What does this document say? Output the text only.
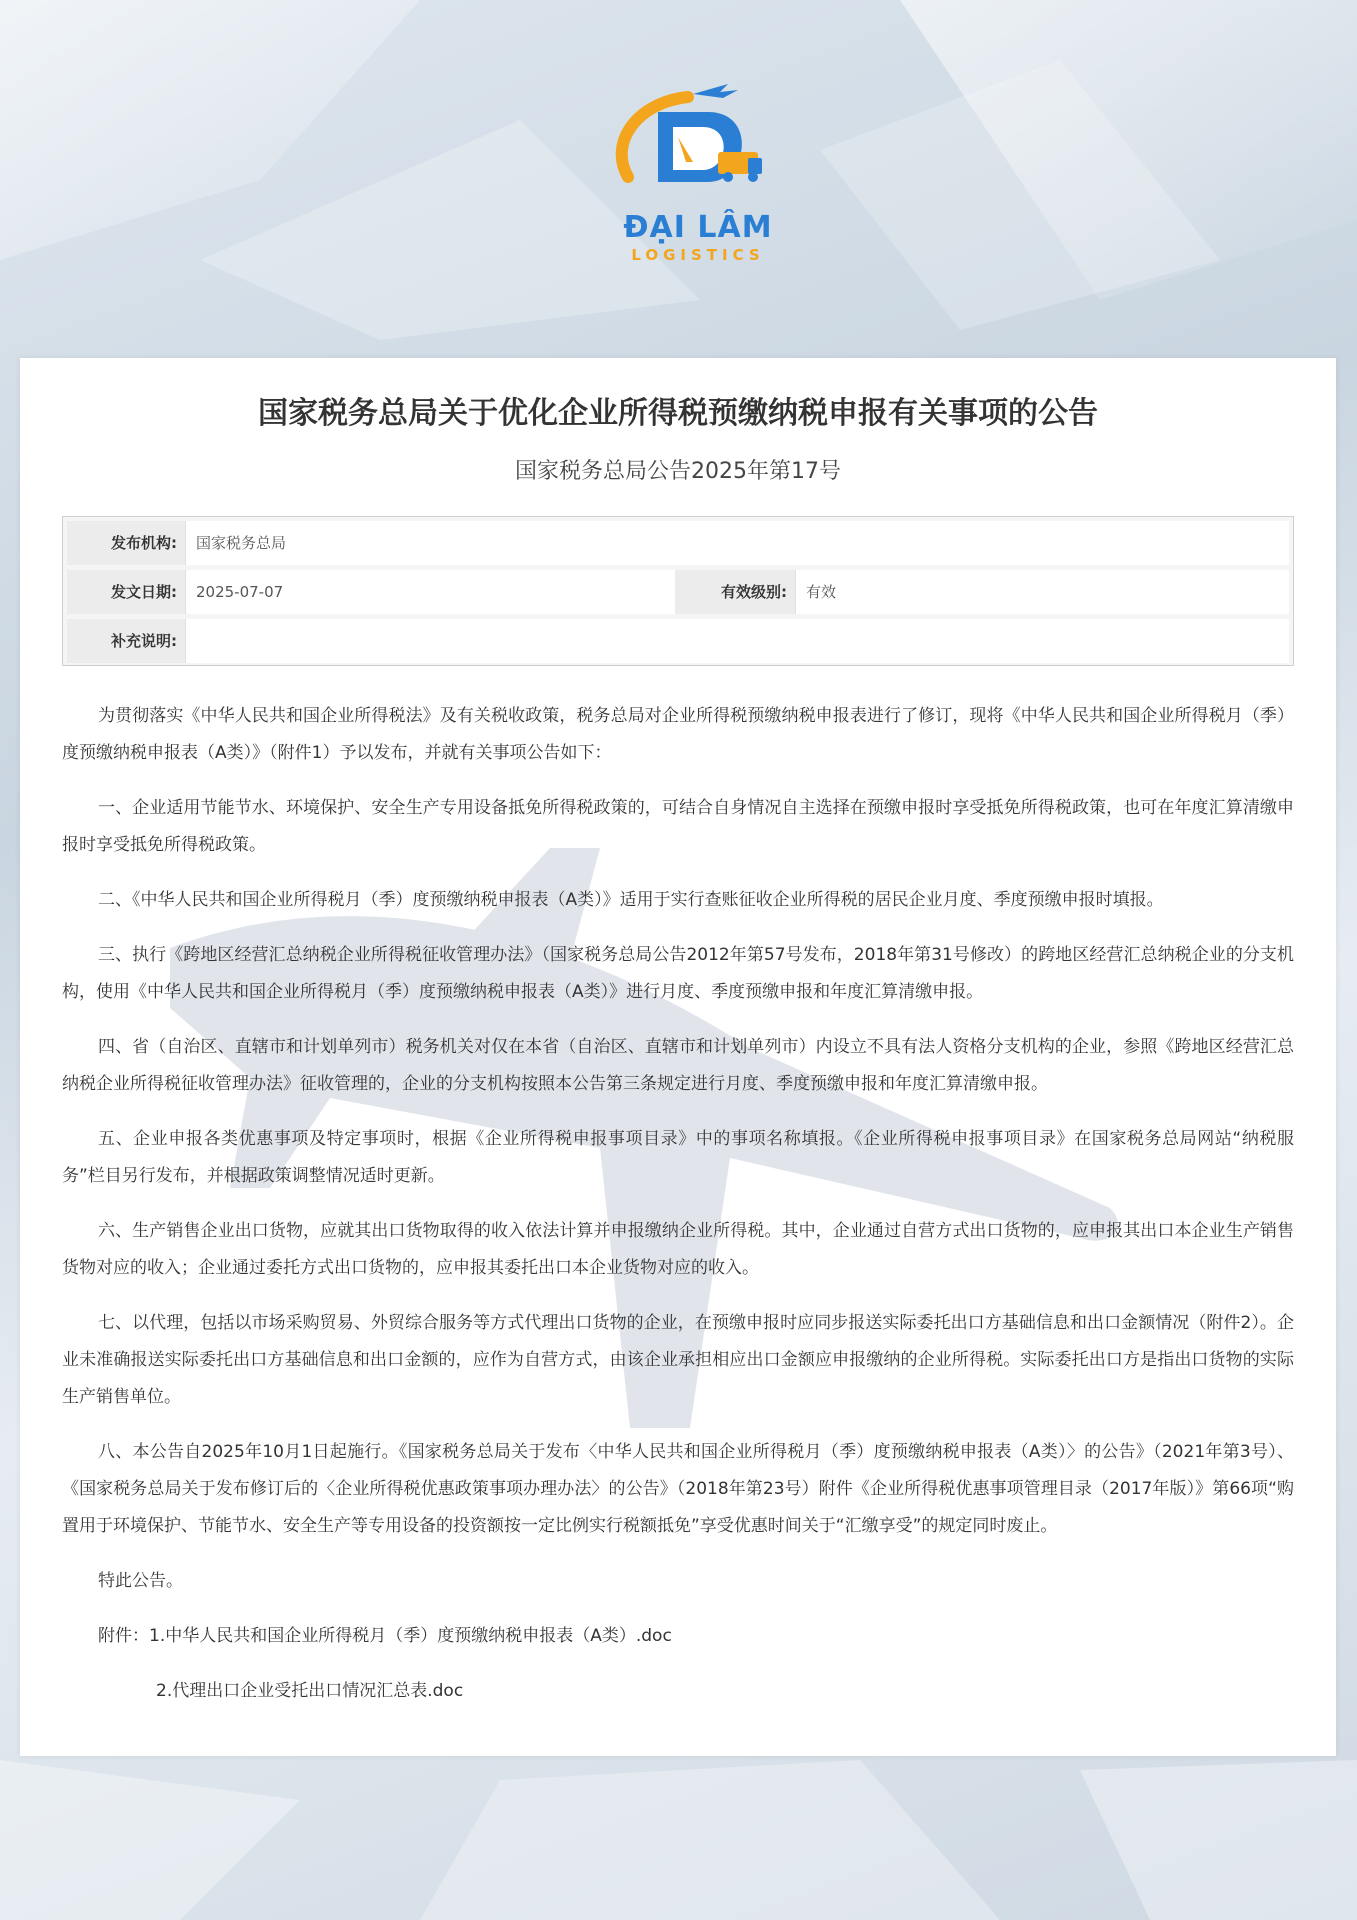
ĐẠI LÂM
LOGISTICS
国家税务总局关于优化企业所得税预缴纳税申报有关事项的公告
国家税务总局公告2025年第17号
发布机构:	国家税务总局
发文日期:	2025-07-07	有效级别:	有效
补充说明:

为贯彻落实《中华人民共和国企业所得税法》及有关税收政策，税务总局对企业所得税预缴纳税申报表进行了修订，现将《中华人民共和国企业所得税月（季）度预缴纳税申报表（A类）》（附件1）予以发布，并就有关事项公告如下：

一、企业适用节能节水、环境保护、安全生产专用设备抵免所得税政策的，可结合自身情况自主选择在预缴申报时享受抵免所得税政策，也可在年度汇算清缴申报时享受抵免所得税政策。

二、《中华人民共和国企业所得税月（季）度预缴纳税申报表（A类）》适用于实行查账征收企业所得税的居民企业月度、季度预缴申报时填报。

三、执行《跨地区经营汇总纳税企业所得税征收管理办法》（国家税务总局公告2012年第57号发布，2018年第31号修改）的跨地区经营汇总纳税企业的分支机构，使用《中华人民共和国企业所得税月（季）度预缴纳税申报表（A类）》进行月度、季度预缴申报和年度汇算清缴申报。

四、省（自治区、直辖市和计划单列市）税务机关对仅在本省（自治区、直辖市和计划单列市）内设立不具有法人资格分支机构的企业，参照《跨地区经营汇总纳税企业所得税征收管理办法》征收管理的，企业的分支机构按照本公告第三条规定进行月度、季度预缴申报和年度汇算清缴申报。

五、企业申报各类优惠事项及特定事项时，根据《企业所得税申报事项目录》中的事项名称填报。《企业所得税申报事项目录》在国家税务总局网站“纳税服务”栏目另行发布，并根据政策调整情况适时更新。

六、生产销售企业出口货物，应就其出口货物取得的收入依法计算并申报缴纳企业所得税。其中，企业通过自营方式出口货物的，应申报其出口本企业生产销售货物对应的收入；企业通过委托方式出口货物的，应申报其委托出口本企业货物对应的收入。

七、以代理，包括以市场采购贸易、外贸综合服务等方式代理出口货物的企业，在预缴申报时应同步报送实际委托出口方基础信息和出口金额情况（附件2）。企业未准确报送实际委托出口方基础信息和出口金额的，应作为自营方式，由该企业承担相应出口金额应申报缴纳的企业所得税。实际委托出口方是指出口货物的实际生产销售单位。

八、本公告自2025年10月1日起施行。《国家税务总局关于发布〈中华人民共和国企业所得税月（季）度预缴纳税申报表（A类）〉的公告》（2021年第3号）、《国家税务总局关于发布修订后的〈企业所得税优惠政策事项办理办法〉的公告》（2018年第23号）附件《企业所得税优惠事项管理目录（2017年版）》第66项“购置用于环境保护、节能节水、安全生产等专用设备的投资额按一定比例实行税额抵免”享受优惠时间关于“汇缴享受”的规定同时废止。

特此公告。

附件：1.中华人民共和国企业所得税月（季）度预缴纳税申报表（A类）.doc

2.代理出口企业受托出口情况汇总表.doc
